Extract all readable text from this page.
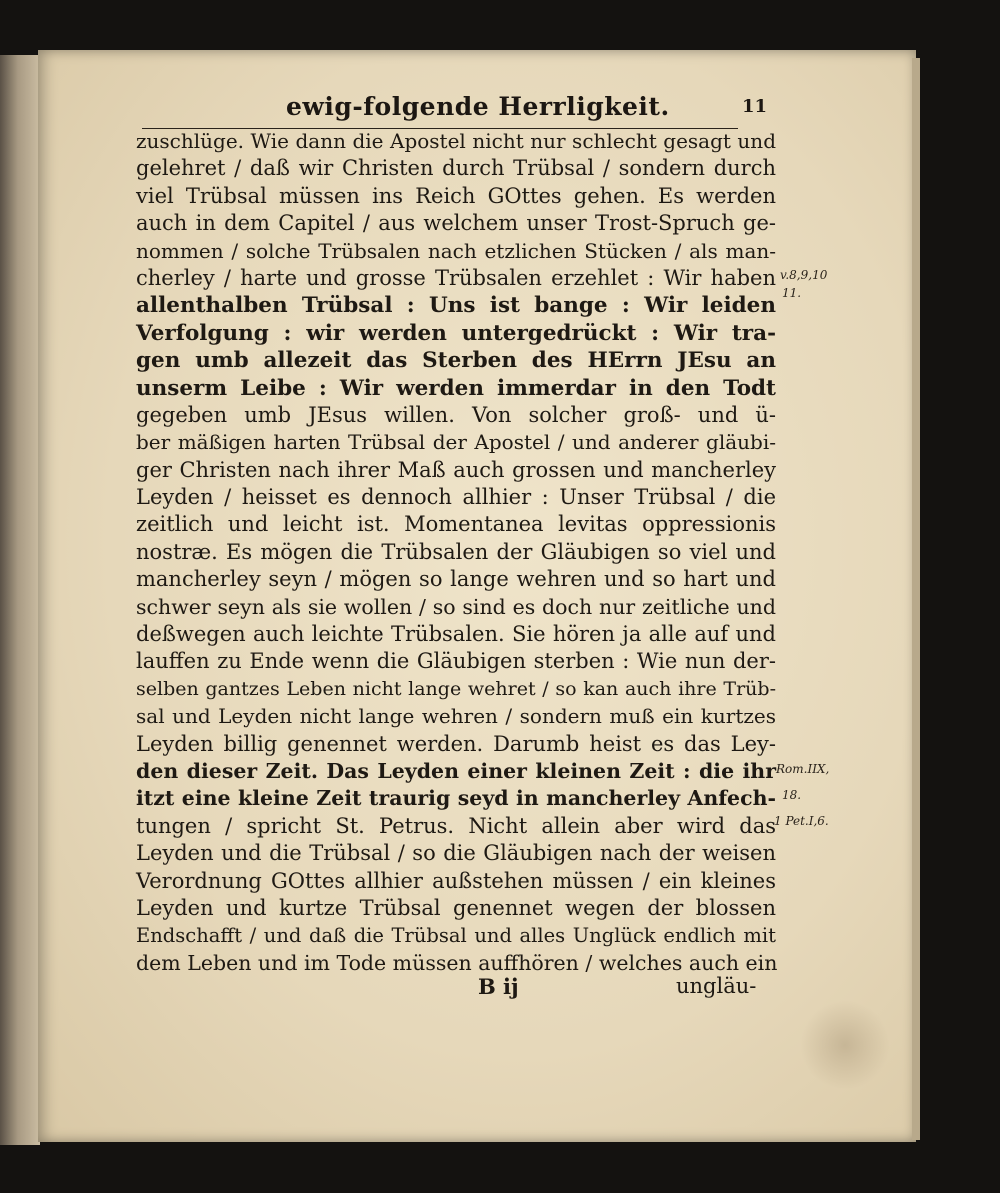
ewig-folgende Herrligkeit.	11
zuschlüge. Wie dann die Apostel nicht nur schlecht gesagt und
gelehret / daß wir Christen durch Trübsal / sondern durch
viel Trübsal müssen ins Reich GOttes gehen. Es werden
auch in dem Capitel / aus welchem unser Trost-Spruch ge-
nommen / solche Trübsalen nach etzlichen Stücken / als man-
cherley / harte und grosse Trübsalen erzehlet : Wir haben
allenthalben Trübsal : Uns ist bange : Wir leiden
Verfolgung : wir werden untergedrückt : Wir tra-
gen umb allezeit das Sterben des HErrn JEsu an
unserm Leibe : Wir werden immerdar in den Todt
gegeben umb JEsus willen. Von solcher groß- und ü-
ber mäßigen harten Trübsal der Apostel / und anderer gläubi-
ger Christen nach ihrer Maß auch grossen und mancherley
Leyden / heisset es dennoch allhier : Unser Trübsal / die
zeitlich und leicht ist. Momentanea levitas oppressionis
nostræ. Es mögen die Trübsalen der Gläubigen so viel und
mancherley seyn / mögen so lange wehren und so hart und
schwer seyn als sie wollen / so sind es doch nur zeitliche und
deßwegen auch leichte Trübsalen. Sie hören ja alle auf und
lauffen zu Ende wenn die Gläubigen sterben : Wie nun der-
selben gantzes Leben nicht lange wehret / so kan auch ihre Trüb-
sal und Leyden nicht lange wehren / sondern muß ein kurtzes
Leyden billig genennet werden. Darumb heist es das Ley-
den dieser Zeit. Das Leyden einer kleinen Zeit : die ihr
itzt eine kleine Zeit traurig seyd in mancherley Anfech-
tungen / spricht St. Petrus. Nicht allein aber wird das
Leyden und die Trübsal / so die Gläubigen nach der weisen
Verordnung GOttes allhier außstehen müssen / ein kleines
Leyden und kurtze Trübsal genennet wegen der blossen
Endschafft / und daß die Trübsal und alles Unglück endlich mit
dem Leben und im Tode müssen auffhören / welches auch ein
v.8,9,10
11.
Rom.IIX,
18.
1 Pet.I,6.
B ij	ungläu-
